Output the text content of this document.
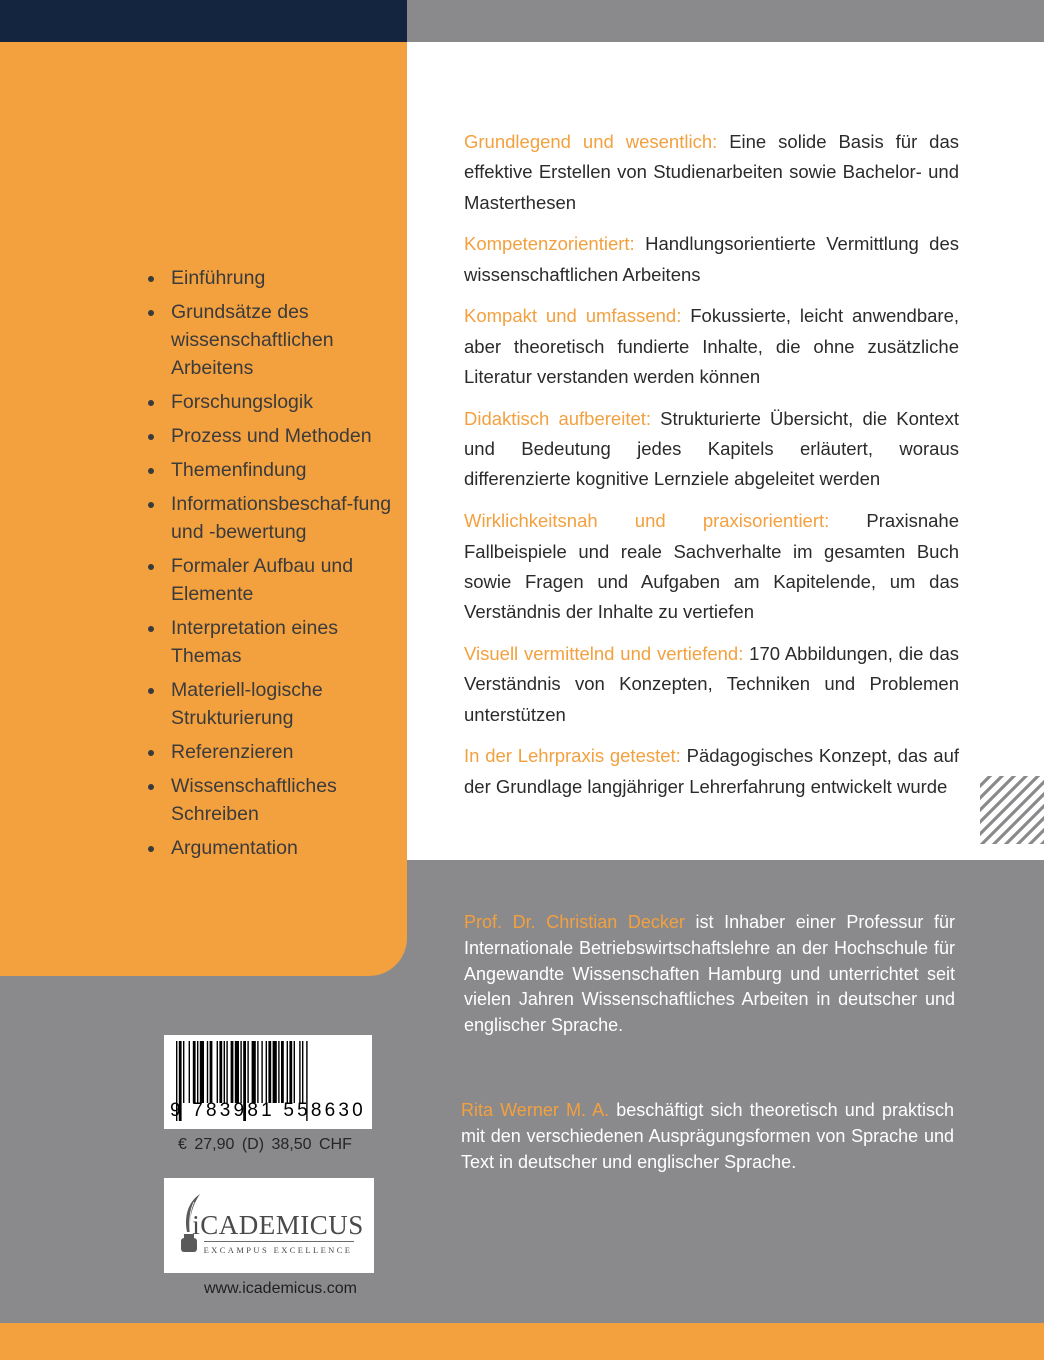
Einführung
Grundsätze des wissenschaftlichen Arbeitens
Forschungslogik
Prozess und Methoden
Themenfindung
Informationsbeschaf-fung und -bewertung
Formaler Aufbau und Elemente
Interpretation eines Themas
Materiell-logische Strukturierung
Referenzieren
Wissenschaftliches Schreiben
Argumentation

Grundlegend und wesentlich: Eine solide Basis für das effektive Erstellen von Studienarbeiten sowie Bachelor- und Masterthesen

Kompetenzorientiert: Handlungsorientierte Vermittlung des wissenschaftlichen Arbeitens

Kompakt und umfassend: Fokussierte, leicht anwendbare, aber theoretisch fundierte Inhalte, die ohne zusätzliche Literatur verstanden werden können

Didaktisch aufbereitet: Strukturierte Übersicht, die Kontext und Bedeutung jedes Kapitels erläutert, woraus differenzierte kognitive Lernziele abgeleitet werden

Wirklichkeitsnah und praxisorientiert: Praxisnahe Fallbeispiele und reale Sachverhalte im gesamten Buch sowie Fragen und Aufgaben am Kapitelende, um das Verständnis der Inhalte zu vertiefen

Visuell vermittelnd und vertiefend: 170 Abbildungen, die das Verständnis von Konzepten, Techniken und Problemen unterstützen

In der Lehrpraxis getestet: Pädagogisches Konzept, das auf der Grundlage langjähriger Lehrerfahrung entwickelt wurde

Prof. Dr. Christian Decker ist Inhaber einer Professur für Internationale Betriebswirtschaftslehre an der Hochschule für Angewandte Wissenschaften Hamburg und unterrichtet seit vielen Jahren Wissenschaftliches Arbeiten in deutscher und englischer Sprache.

Rita Werner M. A. beschäftigt sich theoretisch und praktisch mit den verschiedenen Ausprägungsformen von Sprache und Text in deutscher und englischer Sprache.

9 783981 558630
€ 27,90 (D) 38,50 CHF
iCADEMICUS
EXCAMPUS EXCELLENCE
www.icademicus.com
